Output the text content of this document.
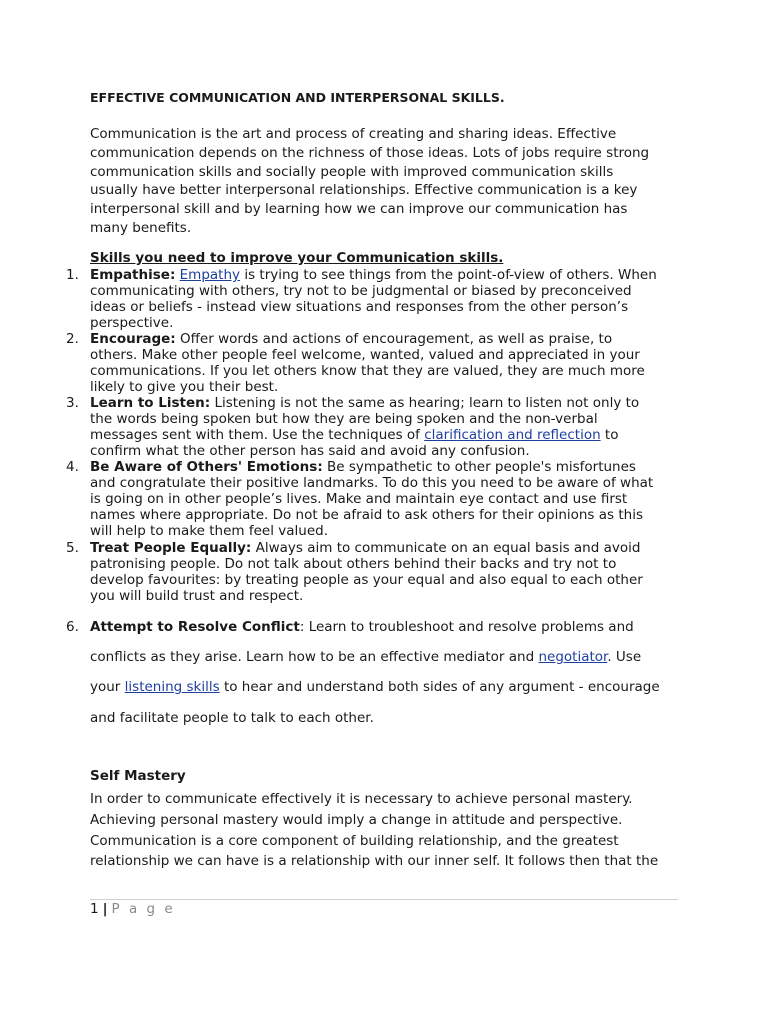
EFFECTIVE COMMUNICATION AND INTERPERSONAL SKILLS.
Communication is the art and process of creating and sharing ideas. Effective
communication depends on the richness of those ideas. Lots of jobs require strong
communication skills and socially people with improved communication skills
usually have better interpersonal relationships. Effective communication is a key
interpersonal skill and by learning how we can improve our communication has
many benefits.
Skills you need to improve your Communication skills.
1. Empathise: Empathy is trying to see things from the point-of-view of others. When
communicating with others, try not to be judgmental or biased by preconceived
ideas or beliefs - instead view situations and responses from the other person’s
perspective.
2. Encourage: Offer words and actions of encouragement, as well as praise, to
others. Make other people feel welcome, wanted, valued and appreciated in your
communications. If you let others know that they are valued, they are much more
likely to give you their best.
3. Learn to Listen: Listening is not the same as hearing; learn to listen not only to
the words being spoken but how they are being spoken and the non-verbal
messages sent with them. Use the techniques of clarification and reflection to
confirm what the other person has said and avoid any confusion.
4. Be Aware of Others' Emotions: Be sympathetic to other people's misfortunes
and congratulate their positive landmarks. To do this you need to be aware of what
is going on in other people’s lives. Make and maintain eye contact and use first
names where appropriate. Do not be afraid to ask others for their opinions as this
will help to make them feel valued.
5. Treat People Equally: Always aim to communicate on an equal basis and avoid
patronising people. Do not talk about others behind their backs and try not to
develop favourites: by treating people as your equal and also equal to each other
you will build trust and respect.
6. Attempt to Resolve Conflict: Learn to troubleshoot and resolve problems and
conflicts as they arise. Learn how to be an effective mediator and negotiator. Use
your listening skills to hear and understand both sides of any argument - encourage
and facilitate people to talk to each other.
Self Mastery
In order to communicate effectively it is necessary to achieve personal mastery.
Achieving personal mastery would imply a change in attitude and perspective.
Communication is a core component of building relationship, and the greatest
relationship we can have is a relationship with our inner self. It follows then that the
1 | P a g e
